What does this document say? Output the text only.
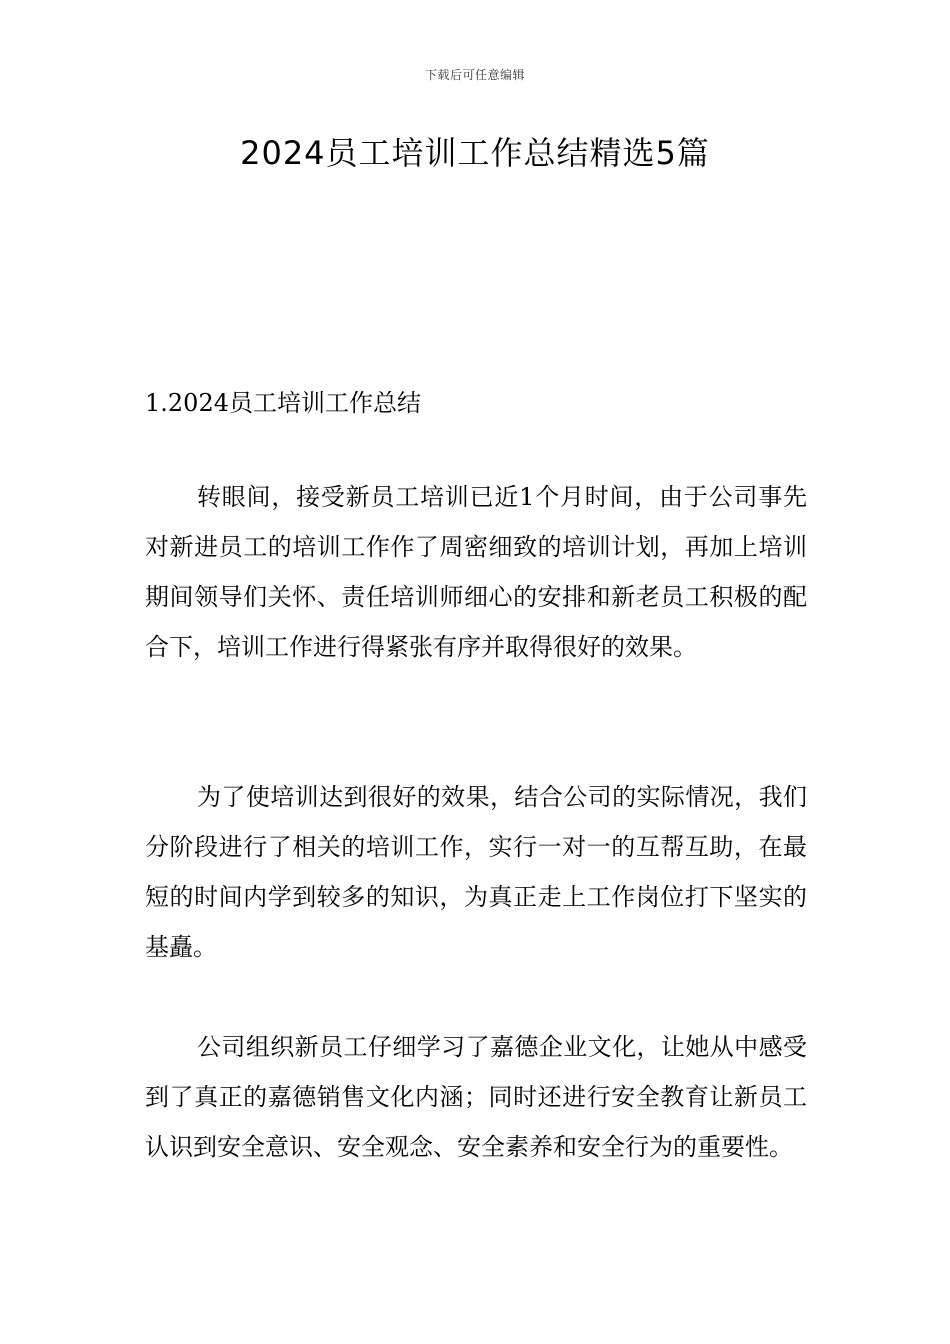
下载后可任意编辑
2024员工培训工作总结精选5篇
1.2024员工培训工作总结

转眼间，接受新员工培训已近1个月时间，由于公司事先对新进员工的培训工作作了周密细致的培训计划，再加上培训期间领导们关怀、责任培训师细心的安排和新老员工积极的配合下，培训工作进行得紧张有序并取得很好的效果。

为了使培训达到很好的效果，结合公司的实际情况，我们分阶段进行了相关的培训工作，实行一对一的互帮互助，在最短的时间内学到较多的知识，为真正走上工作岗位打下坚实的基矗。

公司组织新员工仔细学习了嘉德企业文化，让她从中感受到了真正的嘉德销售文化内涵；同时还进行安全教育让新员工认识到安全意识、安全观念、安全素养和安全行为的重要性。
